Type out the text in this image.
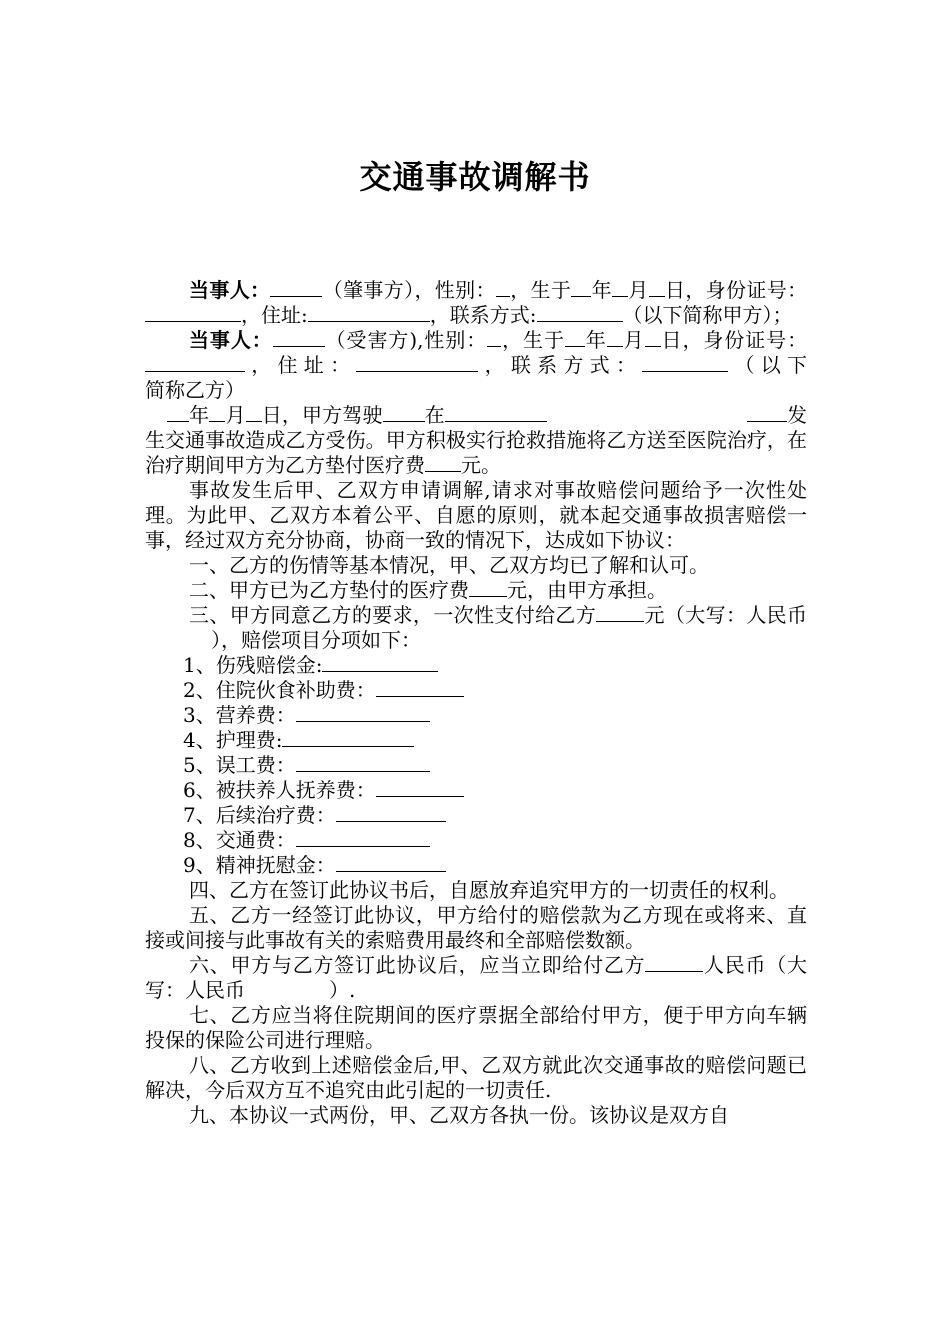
交通事故调解书

当事人：	（肇事方），性别： ，生于 年 月 日，身份证号：，住址:	，联系方式:	（以下简称甲方）；

当事人：	（受害方),性别： ，生于 年 月 日，身份证号：，住址：	，联系方式：	（以下简称乙方）

年 月 日，甲方驾驶 在	发生交通事故造成乙方受伤。甲方积极实行抢救措施将乙方送至医院治疗，在治疗期间甲方为乙方垫付医疗费 元。

事故发生后甲、乙双方申请调解,请求对事故赔偿问题给予一次性处理。为此甲、乙双方本着公平、自愿的原则，就本起交通事故损害赔偿一事，经过双方充分协商，协商一致的情况下，达成如下协议：

一、乙方的伤情等基本情况，甲、乙双方均已了解和认可。

二、甲方已为乙方垫付的医疗费 元，由甲方承担。

三、甲方同意乙方的要求，一次性支付给乙方 元（大写：人民币），赔偿项目分项如下：

1、伤残赔偿金:
2、住院伙食补助费：
3、营养费：
4、护理费:
5、误工费：
6、被扶养人抚养费：
7、后续治疗费：
8、交通费：
9、精神抚慰金：

四、乙方在签订此协议书后，自愿放弃追究甲方的一切责任的权利。

五、乙方一经签订此协议，甲方给付的赔偿款为乙方现在或将来、直接或间接与此事故有关的索赔费用最终和全部赔偿数额。

六、甲方与乙方签订此协议后，应当立即给付乙方	人民币（大写：人民币	）.

七、乙方应当将住院期间的医疗票据全部给付甲方，便于甲方向车辆投保的保险公司进行理赔。

八、乙方收到上述赔偿金后,甲、乙双方就此次交通事故的赔偿问题已解决，今后双方互不追究由此引起的一切责任.

九、本协议一式两份，甲、乙双方各执一份。该协议是双方自
